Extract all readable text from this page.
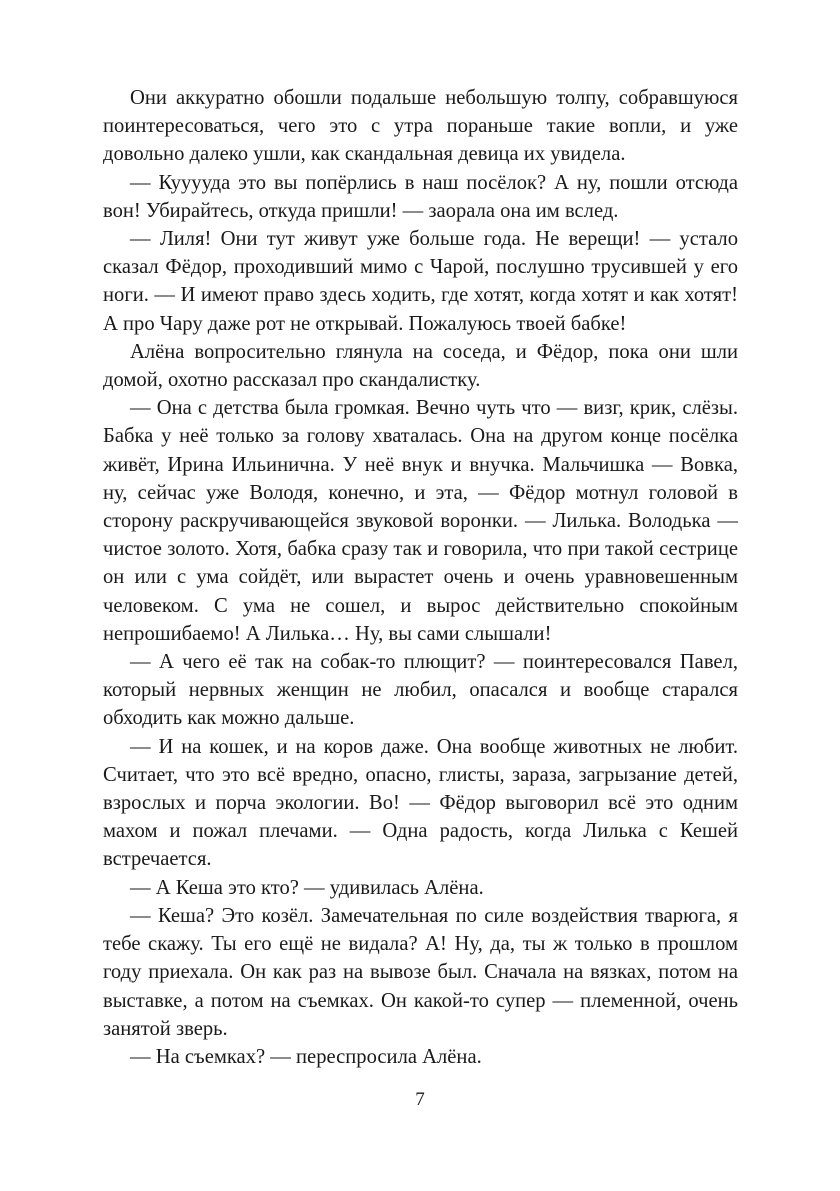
Они аккуратно обошли подальше небольшую толпу, собравшуюся поинтересоваться, чего это с утра пораньше такие вопли, и уже довольно далеко ушли, как скандальная девица их увидела.

— Кууууда это вы попёрлись в наш посёлок? А ну, пошли отсюда вон! Убирайтесь, откуда пришли! — заорала она им вслед.

— Лиля! Они тут живут уже больше года. Не верещи! — устало сказал Фёдор, проходивший мимо с Чарой, послушно трусившей у его ноги. — И имеют право здесь ходить, где хотят, когда хотят и как хотят! А про Чару даже рот не открывай. Пожалуюсь твоей бабке!

Алёна вопросительно глянула на соседа, и Фёдор, пока они шли домой, охотно рассказал про скандалистку.

— Она с детства была громкая. Вечно чуть что — визг, крик, слёзы. Бабка у неё только за голову хваталась. Она на другом конце посёлка живёт, Ирина Ильинична. У неё внук и внучка. Мальчишка — Вовка, ну, сейчас уже Володя, конечно, и эта, — Фёдор мотнул головой в сторону раскручивающейся звуковой воронки. — Лилька. Володька — чистое золото. Хотя, бабка сразу так и говорила, что при такой сестрице он или с ума сойдёт, или вырастет очень и очень уравновешенным человеком. С ума не сошел, и вырос действительно спокойным непрошибаемо! А Лилька… Ну, вы сами слышали!

— А чего её так на собак-то плющит? — поинтересовался Павел, который нервных женщин не любил, опасался и вообще старался обходить как можно дальше.

— И на кошек, и на коров даже. Она вообще животных не любит. Считает, что это всё вредно, опасно, глисты, зараза, загрызание детей, взрослых и порча экологии. Во! — Фёдор выговорил всё это одним махом и пожал плечами. — Одна радость, когда Лилька с Кешей встречается.

— А Кеша это кто? — удивилась Алёна.

— Кеша? Это козёл. Замечательная по силе воздействия тварюга, я тебе скажу. Ты его ещё не видала? А! Ну, да, ты ж только в прошлом году приехала. Он как раз на вывозе был. Сначала на вязках, потом на выставке, а потом на съемках. Он какой-то супер — племенной, очень занятой зверь.

— На съемках? — переспросила Алёна.

7
